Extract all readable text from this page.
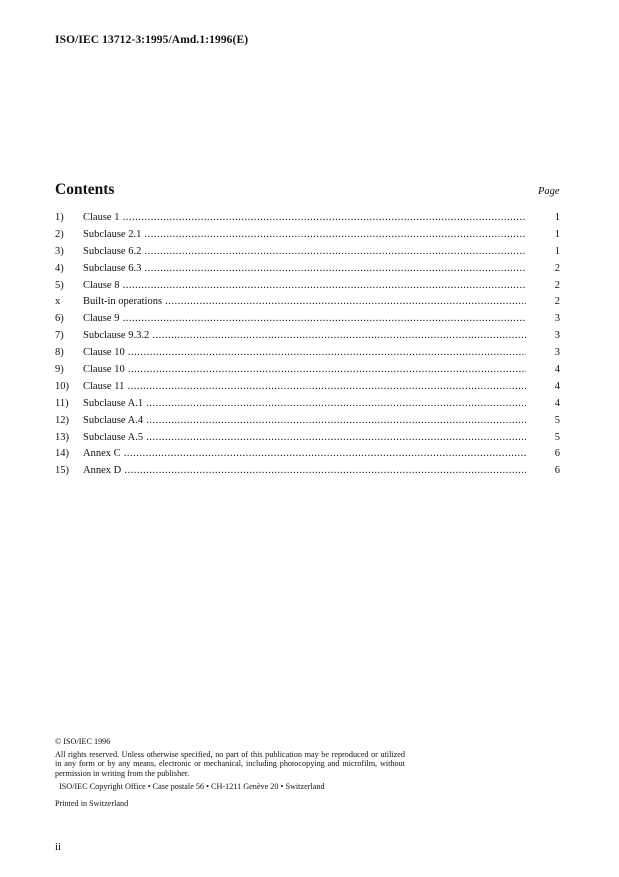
ISO/IEC 13712-3:1995/Amd.1:1996(E)
Contents	Page
1) Clause 1 .....	1
2) Subclause 2.1 .....	1
3) Subclause 6.2 .....	1
4) Subclause 6.3 .....	2
5) Clause 8 .....	2
x Built-in operations .....	2
6) Clause 9 .....	3
7) Subclause 9.3.2 .....	3
8) Clause 10 .....	3
9) Clause 10 .....	4
10) Clause 11 .....	4
11) Subclause A.1 .....	4
12) Subclause A.4 .....	5
13) Subclause A.5 .....	5
14) Annex C .....	6
15) Annex D .....	6
© ISO/IEC 1996
All rights reserved. Unless otherwise specified, no part of this publication may be reproduced or utilized in any form or by any means, electronic or mechanical, including photocopying and microfilm, without permission in writing from the publisher.
ISO/IEC Copyright Office • Case postale 56 • CH-1211 Genève 20 • Switzerland
Printed in Switzerland
ii
